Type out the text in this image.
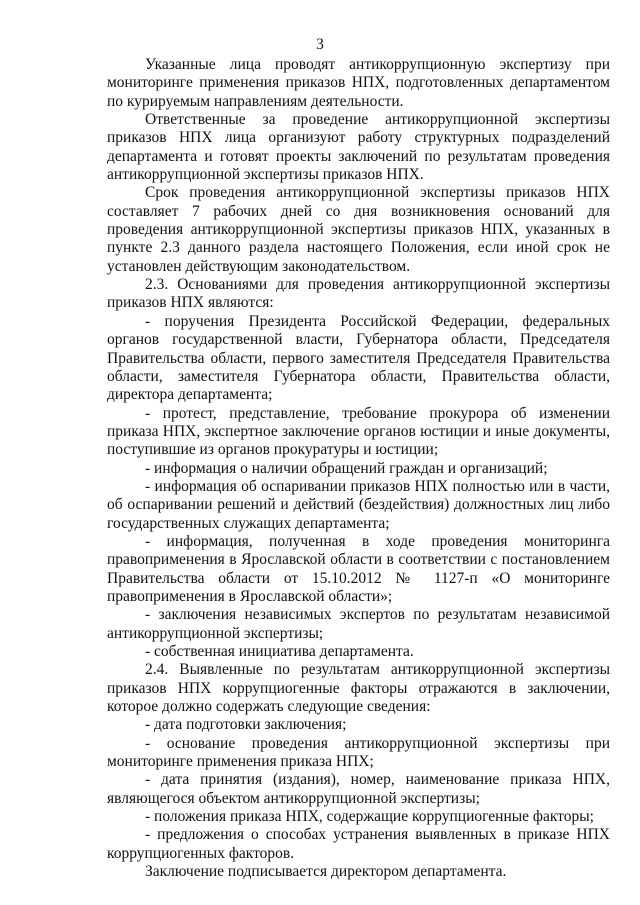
3

Указанные лица проводят антикоррупционную экспертизу при мониторинге применения приказов НПХ, подготовленных департаментом по курируемым направлениям деятельности.

Ответственные за проведение антикоррупционной экспертизы приказов НПХ лица организуют работу структурных подразделений департамента и готовят проекты заключений по результатам проведения антикоррупционной экспертизы приказов НПХ.

Срок проведения антикоррупционной экспертизы приказов НПХ составляет 7 рабочих дней со дня возникновения оснований для проведения антикоррупционной экспертизы приказов НПХ, указанных в пункте 2.3 данного раздела настоящего Положения, если иной срок не установлен действующим законодательством.

2.3. Основаниями для проведения антикоррупционной экспертизы приказов НПХ являются:

- поручения Президента Российской Федерации, федеральных органов государственной власти, Губернатора области, Председателя Правительства области, первого заместителя Председателя Правительства области, заместителя Губернатора области, Правительства области, директора департамента;

- протест, представление, требование прокурора об изменении приказа НПХ, экспертное заключение органов юстиции и иные документы, поступившие из органов прокуратуры и юстиции;

- информация о наличии обращений граждан и организаций;

- информация об оспаривании приказов НПХ полностью или в части, об оспаривании решений и действий (бездействия) должностных лиц либо государственных служащих департамента;

- информация, полученная в ходе проведения мониторинга правоприменения в Ярославской области в соответствии с постановлением Правительства области от 15.10.2012 № 1127-п «О мониторинге правоприменения в Ярославской области»;

- заключения независимых экспертов по результатам независимой антикоррупционной экспертизы;

- собственная инициатива департамента.

2.4. Выявленные по результатам антикоррупционной экспертизы приказов НПХ коррупциогенные факторы отражаются в заключении, которое должно содержать следующие сведения:

- дата подготовки заключения;

- основание проведения антикоррупционной экспертизы при мониторинге применения приказа НПХ;

- дата принятия (издания), номер, наименование приказа НПХ, являющегося объектом антикоррупционной экспертизы;

- положения приказа НПХ, содержащие коррупциогенные факторы;

- предложения о способах устранения выявленных в приказе НПХ коррупциогенных факторов.

Заключение подписывается директором департамента.
